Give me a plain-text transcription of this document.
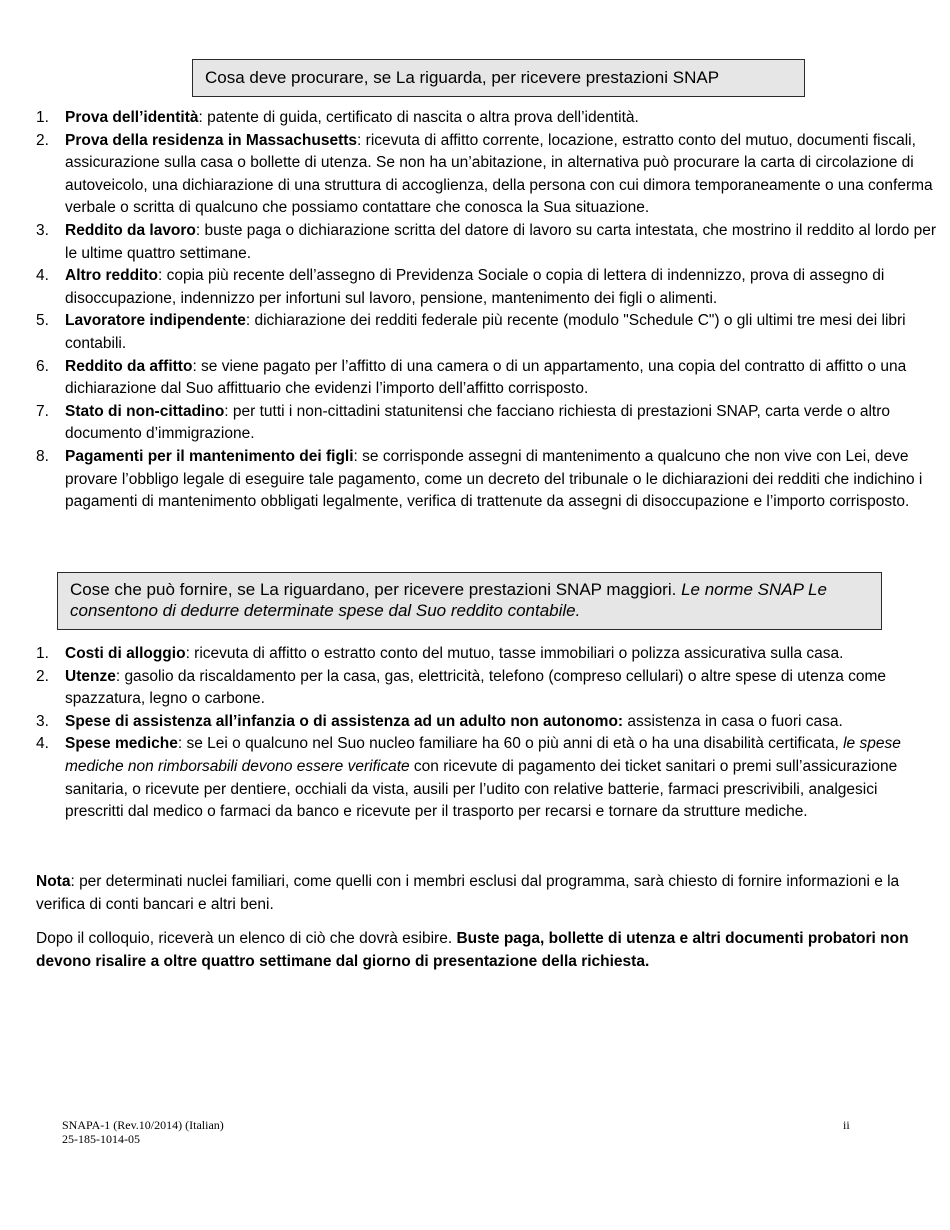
Cosa deve procurare, se La riguarda, per ricevere prestazioni SNAP
1. Prova dell’identità: patente di guida, certificato di nascita o altra prova dell’identità.
2. Prova della residenza in Massachusetts: ricevuta di affitto corrente, locazione, estratto conto del mutuo, documenti fiscali, assicurazione sulla casa o bollette di utenza. Se non ha un’abitazione, in alternativa può procurare la carta di circolazione di autoveicolo, una dichiarazione di una struttura di accoglienza, della persona con cui dimora temporaneamente o una conferma verbale o scritta di qualcuno che possiamo contattare che conosca la Sua situazione.
3. Reddito da lavoro: buste paga o dichiarazione scritta del datore di lavoro su carta intestata, che mostrino il reddito al lordo per le ultime quattro settimane.
4. Altro reddito: copia più recente dell’assegno di Previdenza Sociale o copia di lettera di indennizzo, prova di assegno di disoccupazione, indennizzo per infortuni sul lavoro, pensione, mantenimento dei figli o alimenti.
5. Lavoratore indipendente: dichiarazione dei redditi federale più recente (modulo "Schedule C") o gli ultimi tre mesi dei libri contabili.
6. Reddito da affitto: se viene pagato per l’affitto di una camera o di un appartamento, una copia del contratto di affitto o una dichiarazione dal Suo affittuario che evidenzi l’importo dell’affitto corrisposto.
7. Stato di non-cittadino: per tutti i non-cittadini statunitensi che facciano richiesta di prestazioni SNAP, carta verde o altro documento d’immigrazione.
8. Pagamenti per il mantenimento dei figli: se corrisponde assegni di mantenimento a qualcuno che non vive con Lei, deve provare l’obbligo legale di eseguire tale pagamento, come un decreto del tribunale o le dichiarazioni dei redditi che indichino i pagamenti di mantenimento obbligati legalmente, verifica di trattenute da assegni di disoccupazione e l’importo corrisposto.
Cose che può fornire, se La riguardano, per ricevere prestazioni SNAP maggiori. Le norme SNAP Le consentono di dedurre determinate spese dal Suo reddito contabile.
1. Costi di alloggio: ricevuta di affitto o estratto conto del mutuo, tasse immobiliari o polizza assicurativa sulla casa.
2. Utenze: gasolio da riscaldamento per la casa, gas, elettricità, telefono (compreso cellulari) o altre spese di utenza come spazzatura, legno o carbone.
3. Spese di assistenza all’infanzia o di assistenza ad un adulto non autonomo: assistenza in casa o fuori casa.
4. Spese mediche: se Lei o qualcuno nel Suo nucleo familiare ha 60 o più anni di età o ha una disabilità certificata, le spese mediche non rimborsabili devono essere verificate con ricevute di pagamento dei ticket sanitari o premi sull’assicurazione sanitaria, o ricevute per dentiere, occhiali da vista, ausili per l’udito con relative batterie, farmaci prescrivibili, analgesici prescritti dal medico o farmaci da banco e ricevute per il trasporto per recarsi e tornare da strutture mediche.

Nota: per determinati nuclei familiari, come quelli con i membri esclusi dal programma, sarà chiesto di fornire informazioni e la verifica di conti bancari e altri beni.

Dopo il colloquio, riceverà un elenco di ciò che dovrà esibire. Buste paga, bollette di utenza e altri documenti probatori non devono risalire a oltre quattro settimane dal giorno di presentazione della richiesta.

SNAPA-1 (Rev.10/2014) (Italian)
25-185-1014-05
ii
